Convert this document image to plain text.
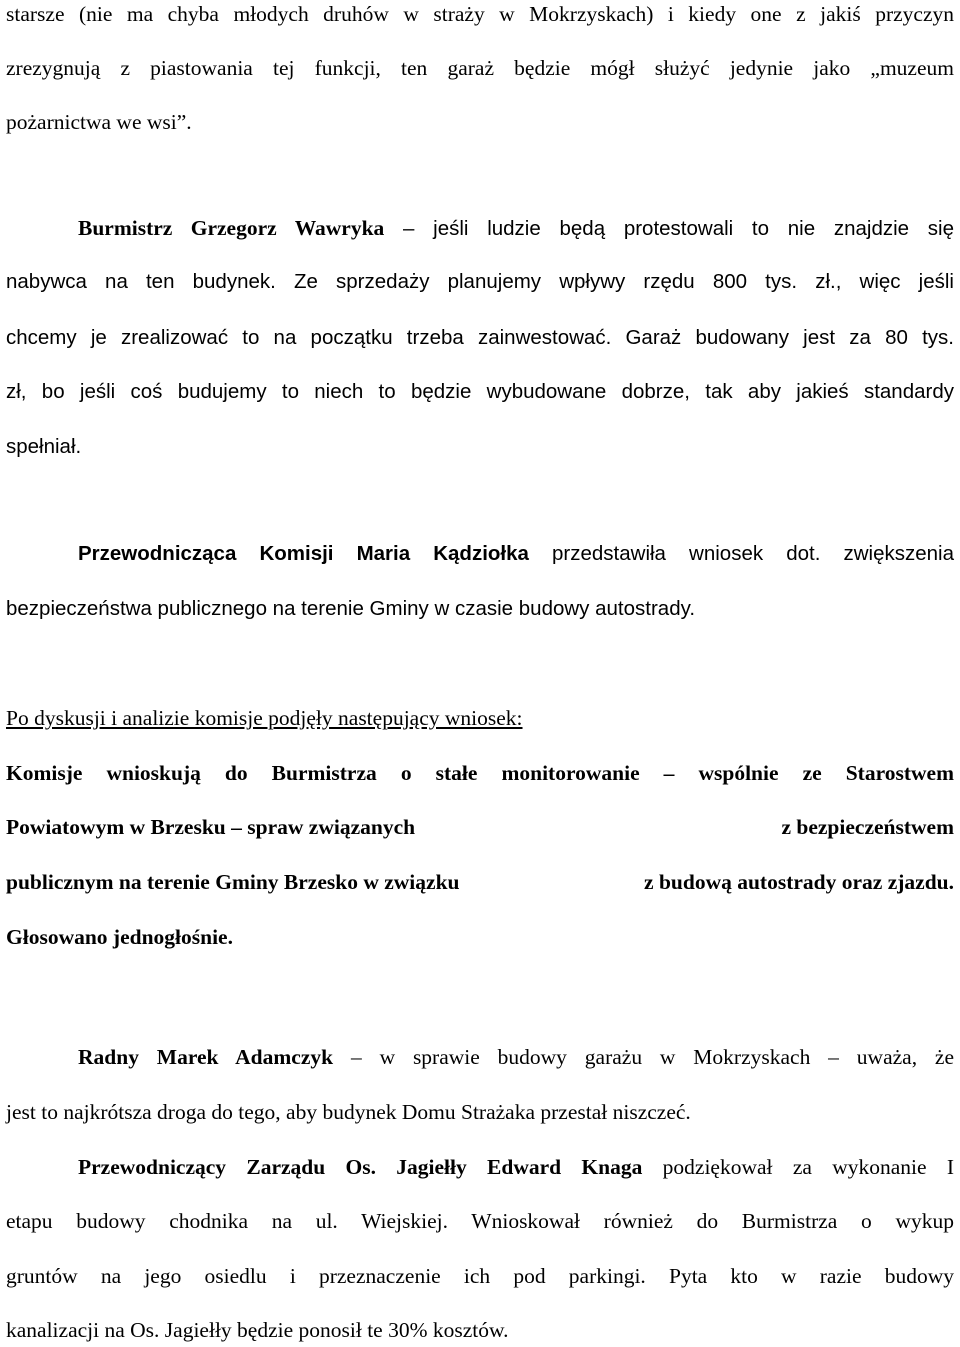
starsze (nie ma chyba młodych druhów w straży w Mokrzyskach) i kiedy one z jakiś przyczyn
zrezygnują z piastowania tej funkcji, ten garaż będzie mógł służyć jedynie jako „muzeum
pożarnictwa we wsi”.
Burmistrz Grzegorz Wawryka – jeśli ludzie będą protestowali to nie znajdzie się
nabywca na ten budynek. Ze sprzedaży planujemy wpływy rzędu 800 tys. zł., więc jeśli
chcemy je zrealizować to na początku trzeba zainwestować. Garaż budowany jest za 80 tys.
zł, bo jeśli coś budujemy to niech to będzie wybudowane dobrze, tak aby jakieś standardy
spełniał.
Przewodnicząca Komisji Maria Kądziołka przedstawiła wniosek dot. zwiększenia
bezpieczeństwa publicznego na terenie Gminy w czasie budowy autostrady.
Po dyskusji i analizie komisje podjęły następujący wniosek:
Komisje wnioskują do Burmistrza o stałe monitorowanie – wspólnie ze Starostwem
Powiatowym w Brzesku – spraw związanych	z bezpieczeństwem
publicznym na terenie Gminy Brzesko w związku	z budową autostrady oraz zjazdu.
Głosowano jednogłośnie.
Radny Marek Adamczyk – w sprawie budowy garażu w Mokrzyskach – uważa, że
jest to najkrótsza droga do tego, aby budynek Domu Strażaka przestał niszczeć.
Przewodniczący Zarządu Os. Jagiełły Edward Knaga podziękował za wykonanie I
etapu budowy chodnika na ul. Wiejskiej. Wnioskował również do Burmistrza o wykup
gruntów na jego osiedlu i przeznaczenie ich pod parkingi. Pyta kto w razie budowy
kanalizacji na Os. Jagiełły będzie ponosił te 30% kosztów.
